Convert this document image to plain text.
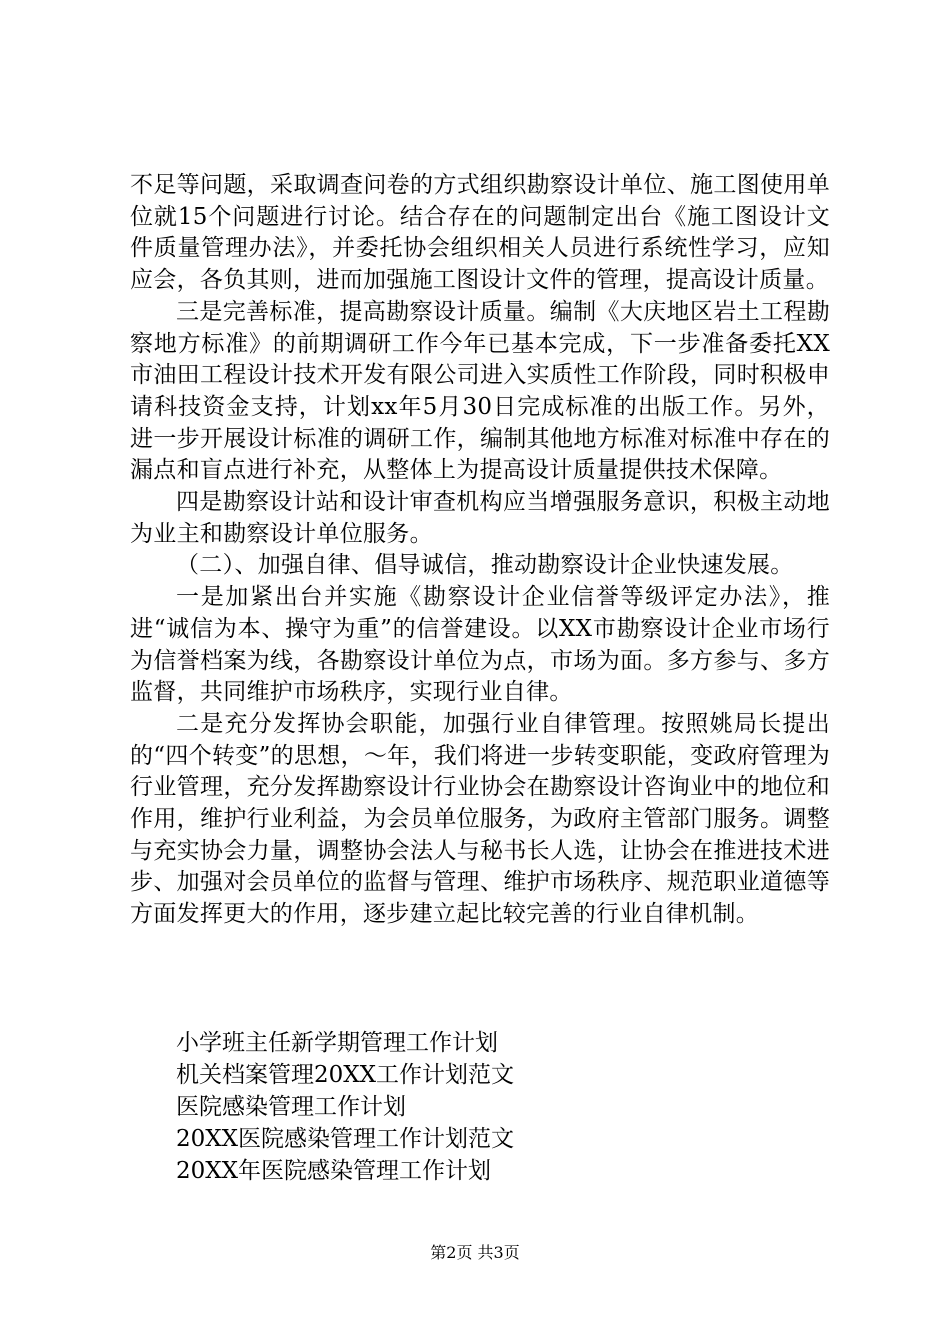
不足等问题，采取调查问卷的方式组织勘察设计单位、施工图使用单位就15个问题进行讨论。结合存在的问题制定出台《施工图设计文件质量管理办法》，并委托协会组织相关人员进行系统性学习，应知应会，各负其则，进而加强施工图设计文件的管理，提高设计质量。

三是完善标准，提高勘察设计质量。编制《大庆地区岩土工程勘察地方标准》的前期调研工作今年已基本完成，下一步准备委托XX市油田工程设计技术开发有限公司进入实质性工作阶段，同时积极申请科技资金支持，计划xx年5月30日完成标准的出版工作。另外，进一步开展设计标准的调研工作，编制其他地方标准对标准中存在的漏点和盲点进行补充，从整体上为提高设计质量提供技术保障。

四是勘察设计站和设计审查机构应当增强服务意识，积极主动地为业主和勘察设计单位服务。

（二）、加强自律、倡导诚信，推动勘察设计企业快速发展。

一是加紧出台并实施《勘察设计企业信誉等级评定办法》，推进“诚信为本、操守为重”的信誉建设。以XX市勘察设计企业市场行为信誉档案为线，各勘察设计单位为点，市场为面。多方参与、多方监督，共同维护市场秩序，实现行业自律。

二是充分发挥协会职能，加强行业自律管理。按照姚局长提出的“四个转变”的思想，～年，我们将进一步转变职能，变政府管理为行业管理，充分发挥勘察设计行业协会在勘察设计咨询业中的地位和作用，维护行业利益，为会员单位服务，为政府主管部门服务。调整与充实协会力量，调整协会法人与秘书长人选，让协会在推进技术进步、加强对会员单位的监督与管理、维护市场秩序、规范职业道德等方面发挥更大的作用，逐步建立起比较完善的行业自律机制。

小学班主任新学期管理工作计划
机关档案管理20XX工作计划范文
医院感染管理工作计划
20XX医院感染管理工作计划范文
20XX年医院感染管理工作计划
第2页 共3页
